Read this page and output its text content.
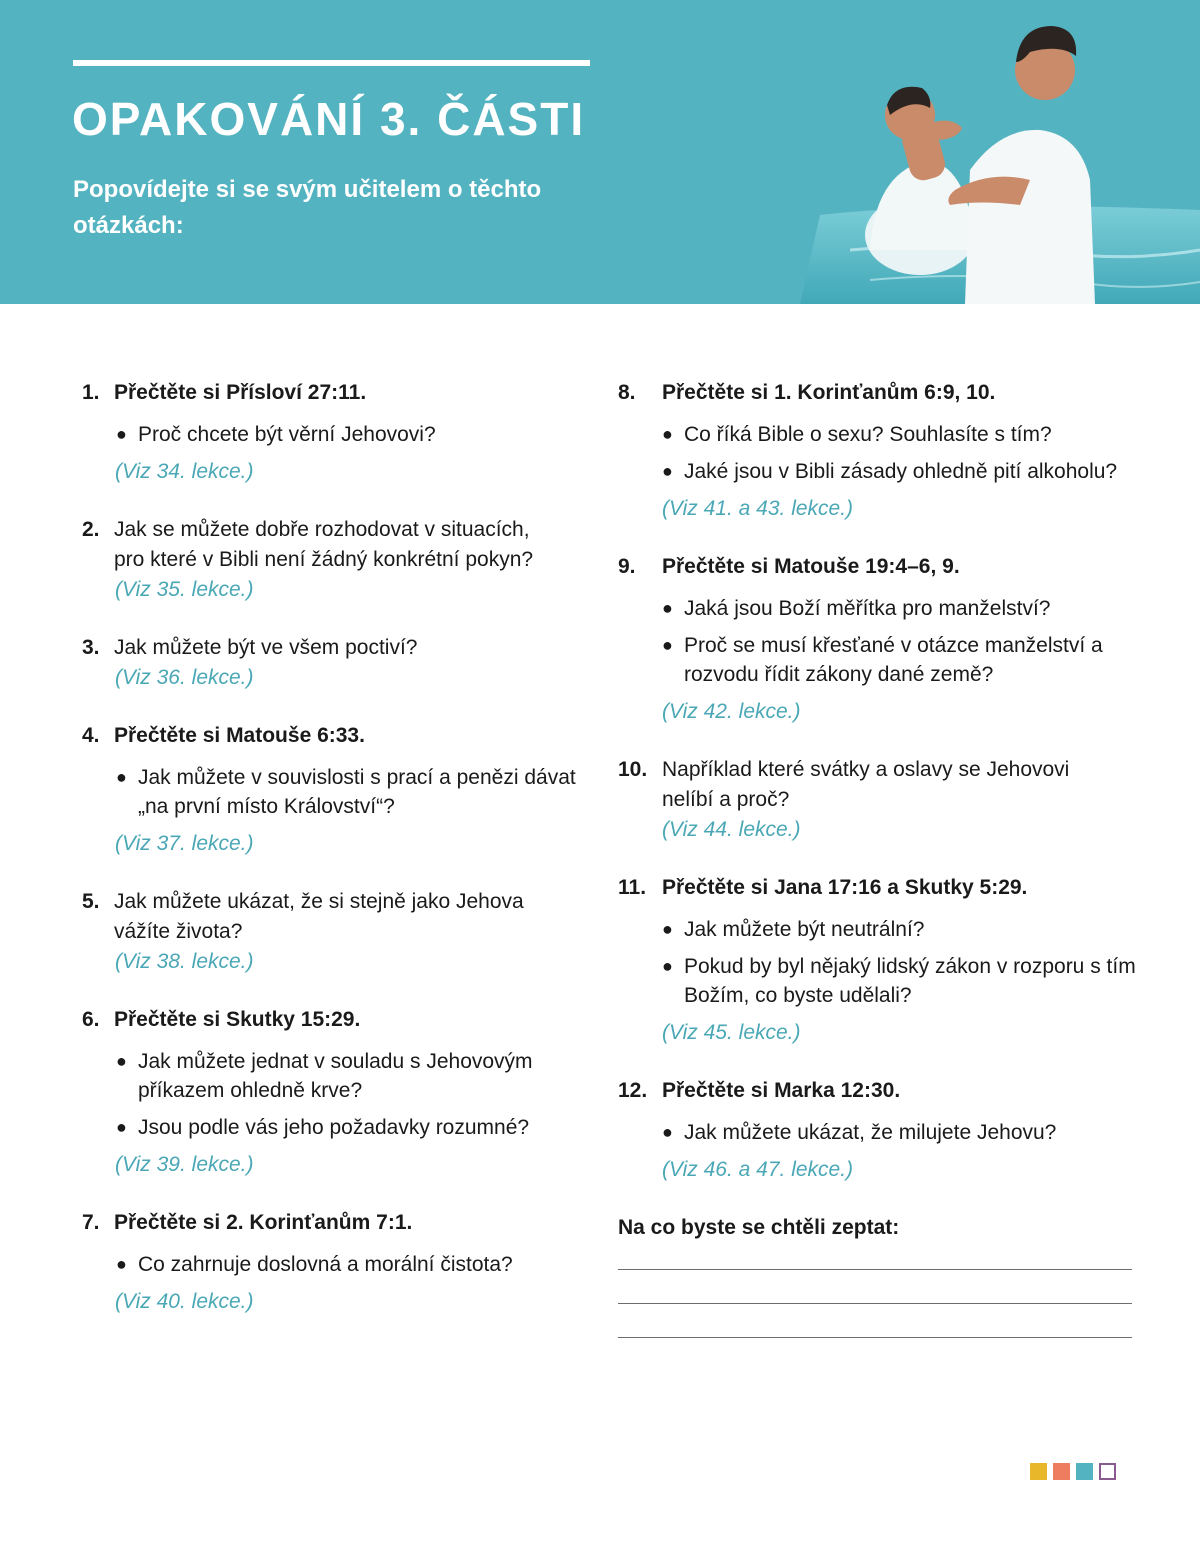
OPAKOVÁNÍ 3. ČÁSTI

Popovídejte si se svým učitelem o těchto otázkách:

1. Přečtěte si Přísloví 27:11.
● Proč chcete být věrní Jehovovi?
(Viz 34. lekce.)
2. Jak se můžete dobře rozhodovat v situacích, pro které v Bibli není žádný konkrétní pokyn?
(Viz 35. lekce.)
3. Jak můžete být ve všem poctiví?
(Viz 36. lekce.)
4. Přečtěte si Matouše 6:33.
● Jak můžete v souvislosti s prací a penězi dávat „na první místo Království“?
(Viz 37. lekce.)
5. Jak můžete ukázat, že si stejně jako Jehova vážíte života?
(Viz 38. lekce.)
6. Přečtěte si Skutky 15:29.
● Jak můžete jednat v souladu s Jehovovým příkazem ohledně krve?
● Jsou podle vás jeho požadavky rozumné?
(Viz 39. lekce.)
7. Přečtěte si 2. Korinťanům 7:1.
● Co zahrnuje doslovná a morální čistota?
(Viz 40. lekce.)
8.	Přečtěte si 1. Korinťanům 6:9, 10.
● Co říká Bible o sexu? Souhlasíte s tím?
● Jaké jsou v Bibli zásady ohledně pití alkoholu?
(Viz 41. a 43. lekce.)
9.	Přečtěte si Matouše 19:4–6, 9.
● Jaká jsou Boží měřítka pro manželství?
● Proč se musí křesťané v otázce manželství a rozvodu řídit zákony dané země?
(Viz 42. lekce.)
10. Například které svátky a oslavy se Jehovovi nelíbí a proč?
(Viz 44. lekce.)
11. Přečtěte si Jana 17:16 a Skutky 5:29.
● Jak můžete být neutrální?
● Pokud by byl nějaký lidský zákon v rozporu s tím Božím, co byste udělali?
(Viz 45. lekce.)
12. Přečtěte si Marka 12:30.
● Jak můžete ukázat, že milujete Jehovu?
(Viz 46. a 47. lekce.)
Na co byste se chtěli zeptat:
